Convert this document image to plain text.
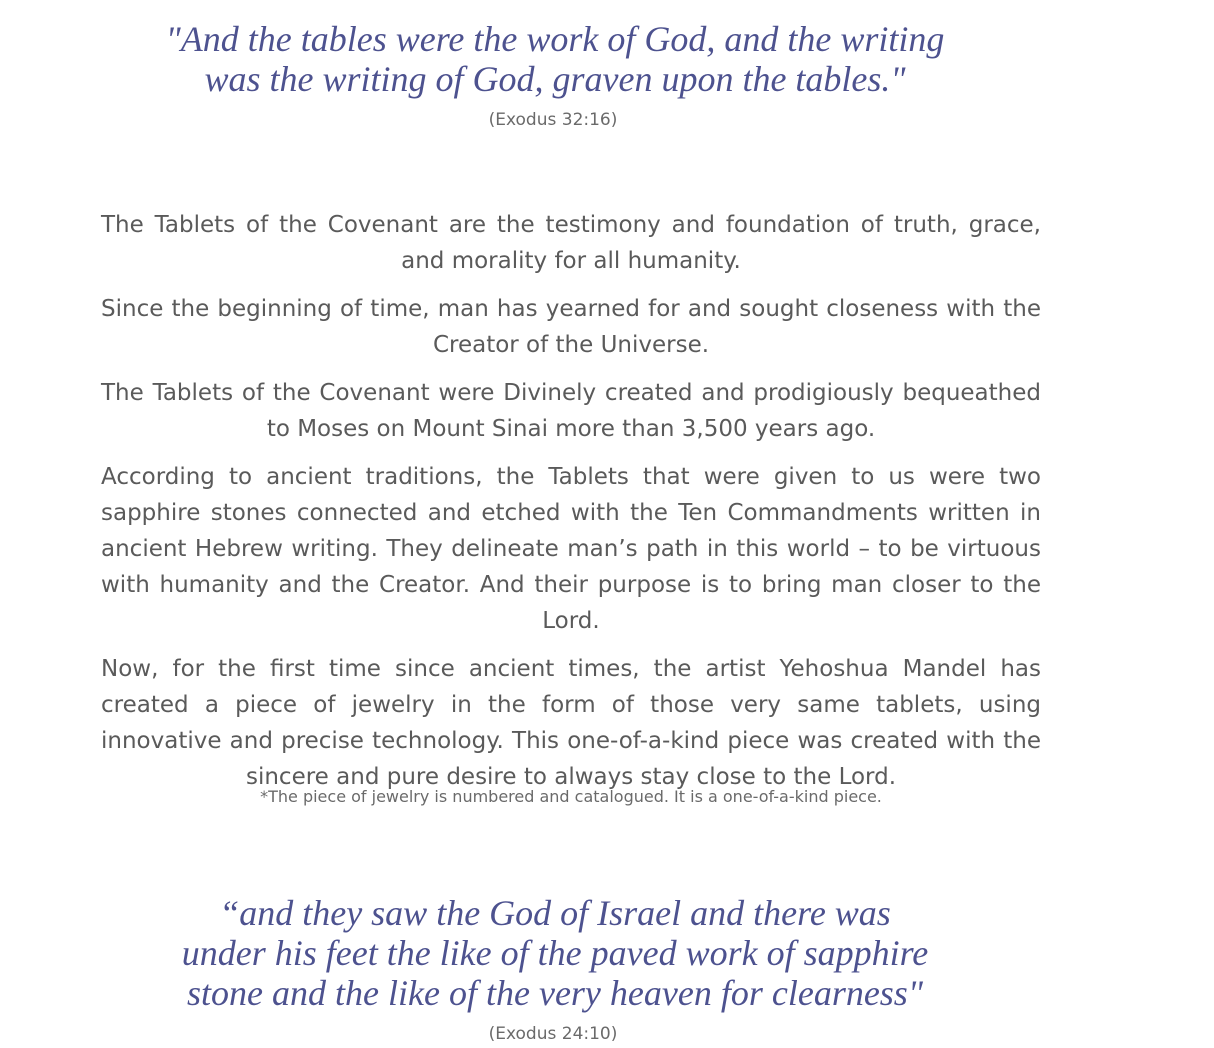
"And the tables were the work of God, and the writing
was the writing of God, graven upon the tables."

(Exodus 32:16)

The Tablets of the Covenant are the testimony and foundation of truth, grace, and morality for all humanity.

Since the beginning of time, man has yearned for and sought closeness with the Creator of the Universe.

The Tablets of the Covenant were Divinely created and prodigiously bequeathed to Moses on Mount Sinai more than 3,500 years ago.

According to ancient traditions, the Tablets that were given to us were two sapphire stones connected and etched with the Ten Commandments written in ancient Hebrew writing. They delineate man’s path in this world – to be virtuous with humanity and the Creator. And their purpose is to bring man closer to the Lord.

Now, for the first time since ancient times, the artist Yehoshua Mandel has created a piece of jewelry in the form of those very same tablets, using innovative and precise technology. This one-of-a-kind piece was created with the sincere and pure desire to always stay close to the Lord.

*The piece of jewelry is numbered and catalogued. It is a one-of-a-kind piece.

“and they saw the God of Israel and there was
under his feet the like of the paved work of sapphire
stone and the like of the very heaven for clearness"

(Exodus 24:10)
